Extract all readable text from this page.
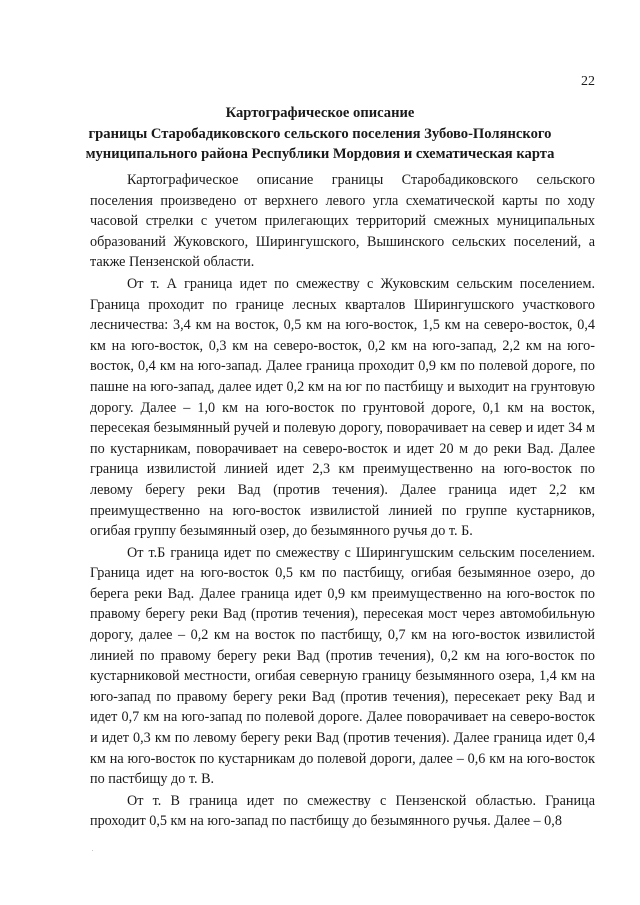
22
Картографическое описание
границы Старобадиковского сельского поселения Зубово-Полянского
муниципального района Республики Мордовия и схематическая карта

Картографическое описание границы Старобадиковского сельского поселения произведено от верхнего левого угла схематической карты по ходу часовой стрелки с учетом прилегающих территорий смежных муниципальных образований Жуковского, Ширингушского, Вышинского сельских поселений, а также Пензенской области.

От т. А граница идет по смежеству с Жуковским сельским поселением. Граница проходит по границе лесных кварталов Ширингушского участкового лесничества: 3,4 км на восток, 0,5 км на юго-восток, 1,5 км на северо-восток, 0,4 км на юго-восток, 0,3 км на северо-восток, 0,2 км на юго-запад, 2,2 км на юго-восток, 0,4 км на юго-запад. Далее граница проходит 0,9 км по полевой дороге, по пашне на юго-запад, далее идет 0,2 км на юг по пастбищу и выходит на грунтовую дорогу. Далее – 1,0 км на юго-восток по грунтовой дороге, 0,1 км на восток, пересекая безымянный ручей и полевую дорогу, поворачивает на север и идет 34 м по кустарникам, поворачивает на северо-восток и идет 20 м до реки Вад. Далее граница извилистой линией идет 2,3 км преимущественно на юго-восток по левому берегу реки Вад (против течения). Далее граница идет 2,2 км преимущественно на юго-восток извилистой линией по группе кустарников, огибая группу безымянный озер, до безымянного ручья до т. Б.

От т.Б граница идет по смежеству с Ширингушским сельским поселением. Граница идет на юго-восток 0,5 км по пастбищу, огибая безымянное озеро, до берега реки Вад. Далее граница идет 0,9 км преимущественно на юго-восток по правому берегу реки Вад (против течения), пересекая мост через автомобильную дорогу, далее – 0,2 км на восток по пастбищу, 0,7 км на юго-восток извилистой линией по правому берегу реки Вад (против течения), 0,2 км на юго-восток по кустарниковой местности, огибая северную границу безымянного озера, 1,4 км на юго-запад по правому берегу реки Вад (против течения), пересекает реку Вад и идет 0,7 км на юго-запад по полевой дороге. Далее поворачивает на северо-восток и идет 0,3 км по левому берегу реки Вад (против течения). Далее граница идет 0,4 км на юго-восток по кустарникам до полевой дороги, далее – 0,6 км на юго-восток по пастбищу до т. В.

От т. В граница идет по смежеству с Пензенской областью. Граница проходит 0,5 км на юго-запад по пастбищу до безымянного ручья. Далее – 0,8
